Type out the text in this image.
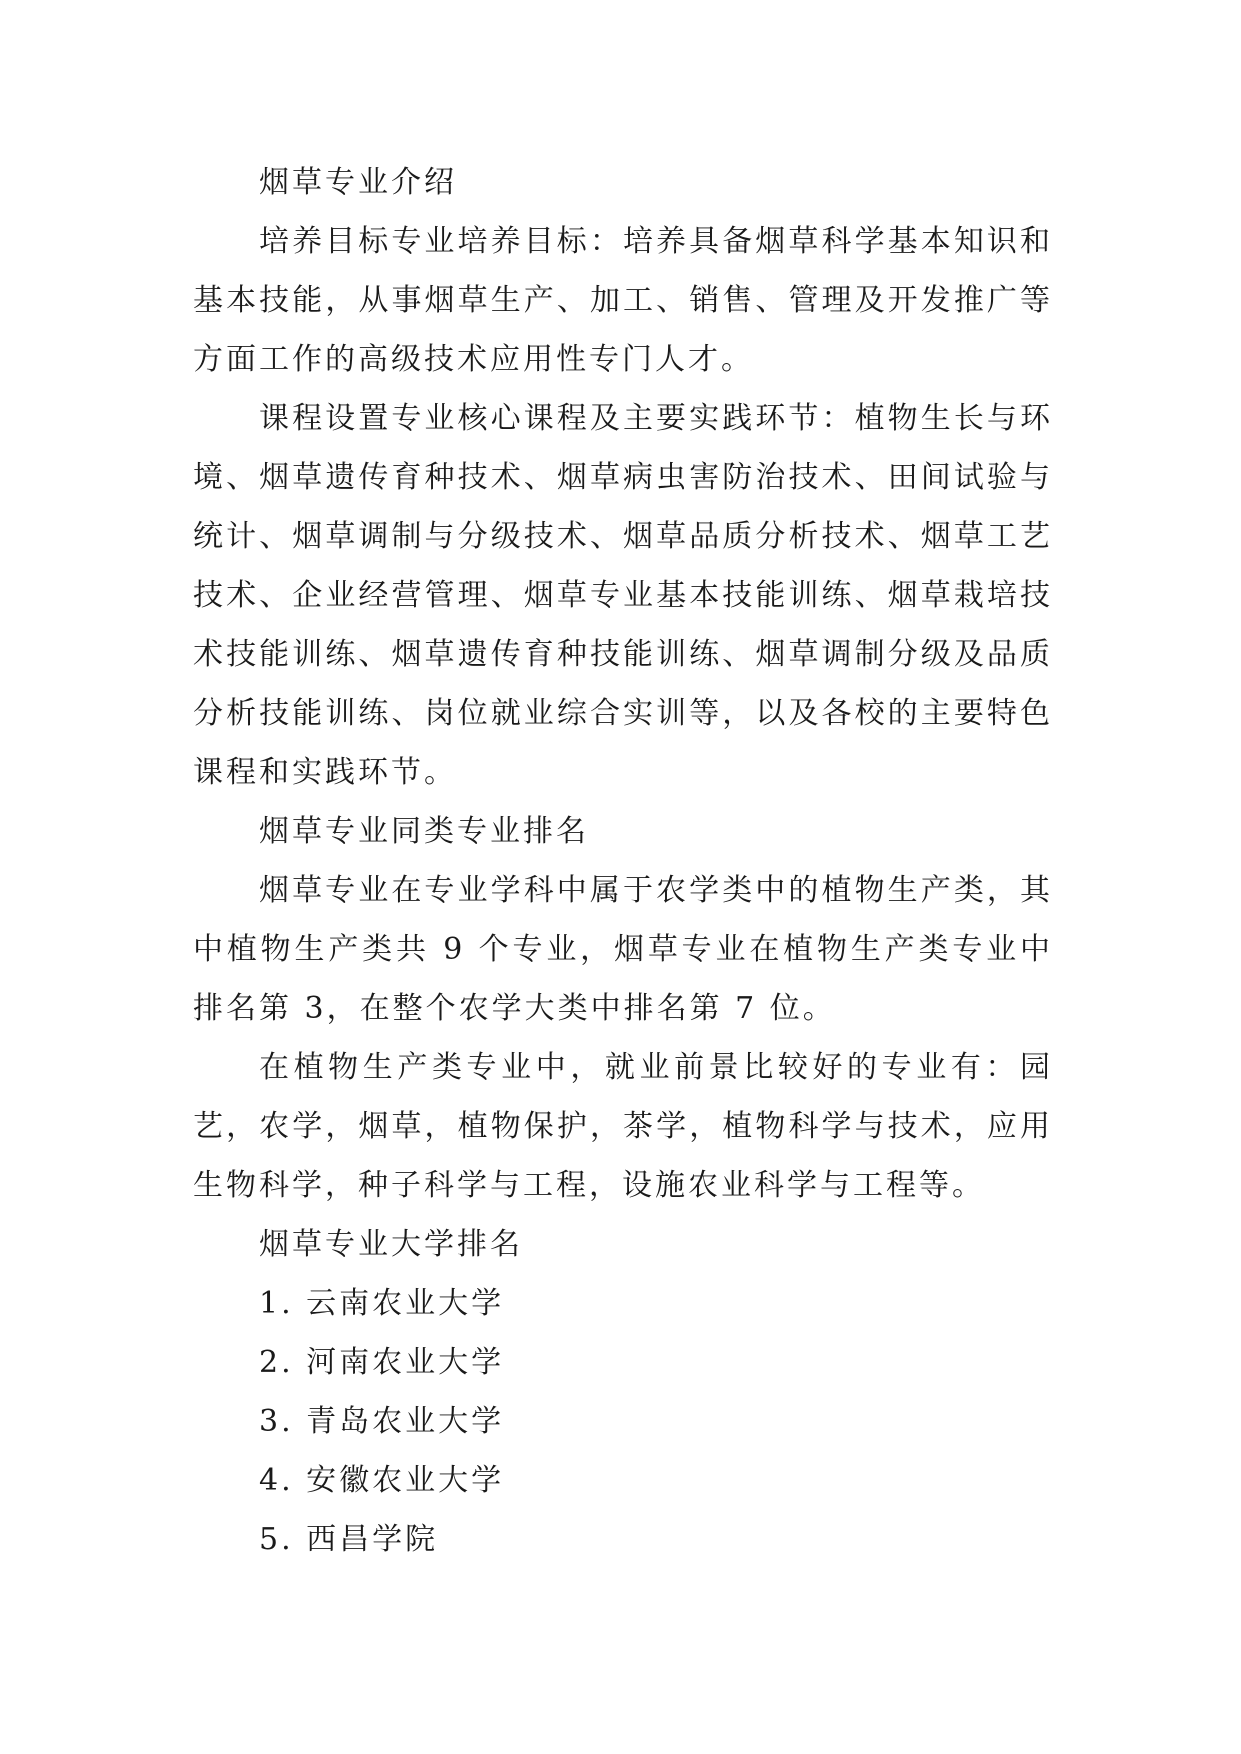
烟草专业介绍

培养目标专业培养目标：培养具备烟草科学基本知识和基本技能，从事烟草生产、加工、销售、管理及开发推广等方面工作的高级技术应用性专门人才。

课程设置专业核心课程及主要实践环节：植物生长与环境、烟草遗传育种技术、烟草病虫害防治技术、田间试验与统计、烟草调制与分级技术、烟草品质分析技术、烟草工艺技术、企业经营管理、烟草专业基本技能训练、烟草栽培技术技能训练、烟草遗传育种技能训练、烟草调制分级及品质分析技能训练、岗位就业综合实训等，以及各校的主要特色课程和实践环节。

烟草专业同类专业排名

烟草专业在专业学科中属于农学类中的植物生产类，其中植物生产类共 9 个专业，烟草专业在植物生产类专业中排名第 3，在整个农学大类中排名第 7 位。

在植物生产类专业中，就业前景比较好的专业有：园艺，农学，烟草，植物保护，茶学，植物科学与技术，应用生物科学，种子科学与工程，设施农业科学与工程等。

烟草专业大学排名

1. 云南农业大学
2. 河南农业大学
3. 青岛农业大学
4. 安徽农业大学
5. 西昌学院
